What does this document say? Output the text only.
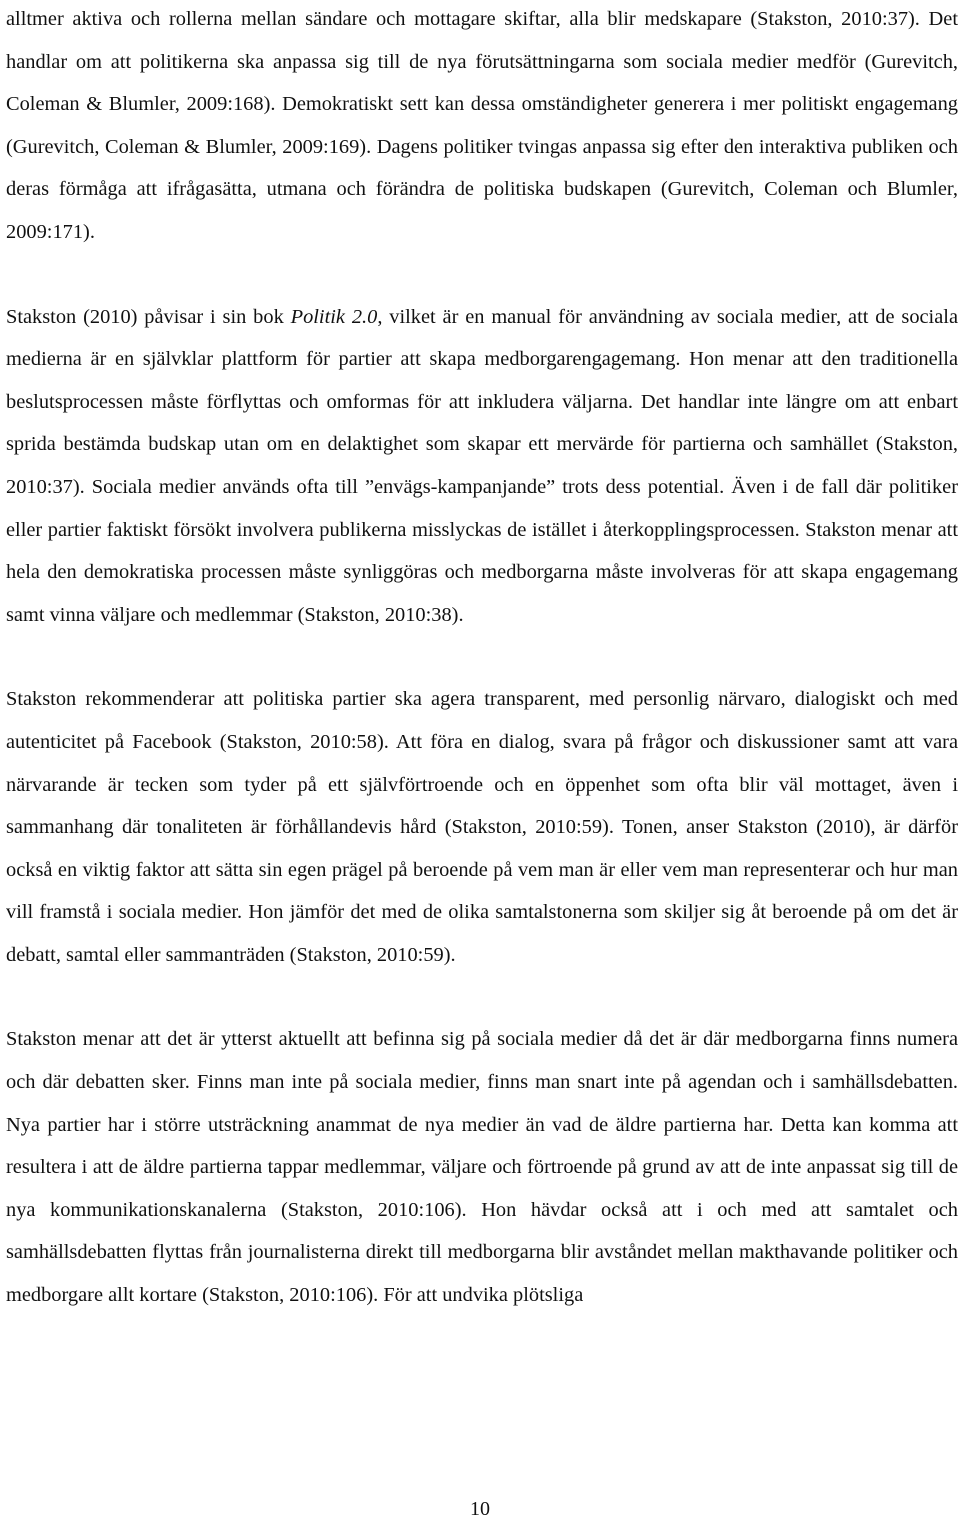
alltmer aktiva och rollerna mellan sändare och mottagare skiftar, alla blir medskapare (Stakston, 2010:37). Det handlar om att politikerna ska anpassa sig till de nya förutsättningarna som sociala medier medför (Gurevitch, Coleman & Blumler, 2009:168). Demokratiskt sett kan dessa omständigheter generera i mer politiskt engagemang (Gurevitch, Coleman & Blumler, 2009:169). Dagens politiker tvingas anpassa sig efter den interaktiva publiken och deras förmåga att ifrågasätta, utmana och förändra de politiska budskapen (Gurevitch, Coleman och Blumler, 2009:171).

Stakston (2010) påvisar i sin bok Politik 2.0, vilket är en manual för användning av sociala medier, att de sociala medierna är en självklar plattform för partier att skapa medborgarengagemang. Hon menar att den traditionella beslutsprocessen måste förflyttas och omformas för att inkludera väljarna. Det handlar inte längre om att enbart sprida bestämda budskap utan om en delaktighet som skapar ett mervärde för partierna och samhället (Stakston, 2010:37). Sociala medier används ofta till ”envägs-kampanjande” trots dess potential. Även i de fall där politiker eller partier faktiskt försökt involvera publikerna misslyckas de istället i återkopplingsprocessen. Stakston menar att hela den demokratiska processen måste synliggöras och medborgarna måste involveras för att skapa engagemang samt vinna väljare och medlemmar (Stakston, 2010:38).

Stakston rekommenderar att politiska partier ska agera transparent, med personlig närvaro, dialogiskt och med autenticitet på Facebook (Stakston, 2010:58). Att föra en dialog, svara på frågor och diskussioner samt att vara närvarande är tecken som tyder på ett självförtroende och en öppenhet som ofta blir väl mottaget, även i sammanhang där tonaliteten är förhållandevis hård (Stakston, 2010:59). Tonen, anser Stakston (2010), är därför också en viktig faktor att sätta sin egen prägel på beroende på vem man är eller vem man representerar och hur man vill framstå i sociala medier. Hon jämför det med de olika samtalstonerna som skiljer sig åt beroende på om det är debatt, samtal eller sammanträden (Stakston, 2010:59).

Stakston menar att det är ytterst aktuellt att befinna sig på sociala medier då det är där medborgarna finns numera och där debatten sker. Finns man inte på sociala medier, finns man snart inte på agendan och i samhällsdebatten. Nya partier har i större utsträckning anammat de nya medier än vad de äldre partierna har. Detta kan komma att resultera i att de äldre partierna tappar medlemmar, väljare och förtroende på grund av att de inte anpassat sig till de nya kommunikationskanalerna (Stakston, 2010:106). Hon hävdar också att i och med att samtalet och samhällsdebatten flyttas från journalisterna direkt till medborgarna blir avståndet mellan makthavande politiker och medborgare allt kortare (Stakston, 2010:106). För att undvika plötsliga

10
